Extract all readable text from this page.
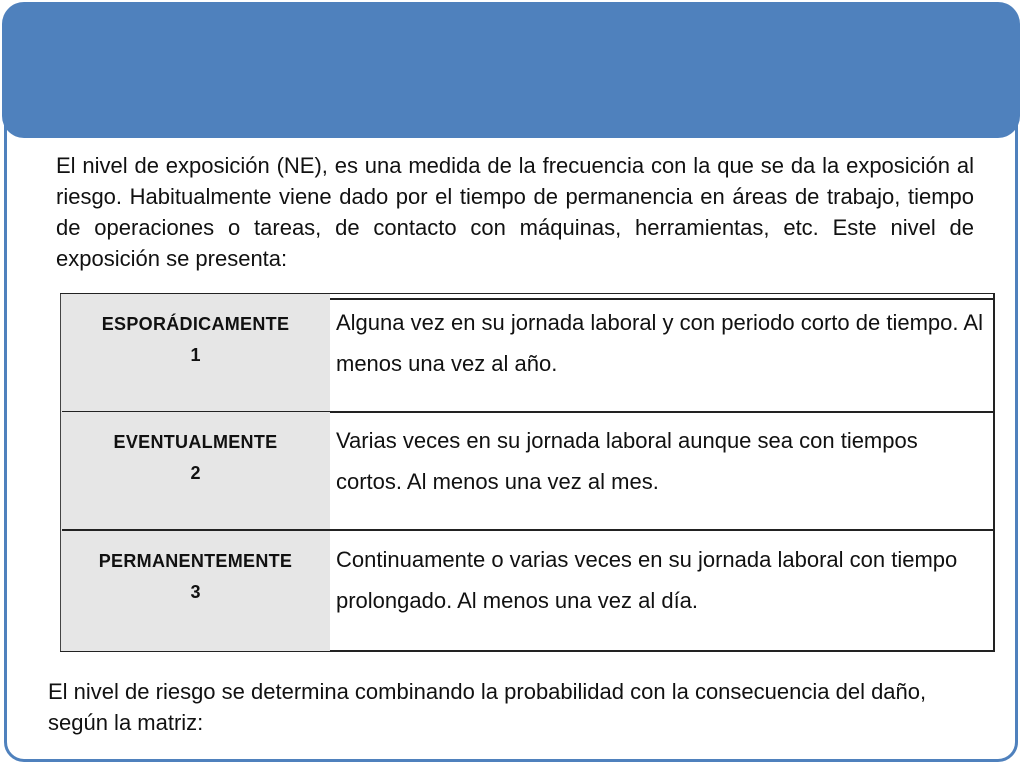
El nivel de exposición (NE), es una medida de la frecuencia con la que se da la exposición al riesgo. Habitualmente viene dado por el tiempo de permanencia en áreas de trabajo, tiempo de operaciones o tareas, de contacto con máquinas, herramientas, etc. Este nivel de exposición se presenta:

ESPORÁDICAMENTE
1

Alguna vez en su jornada laboral y con periodo corto de tiempo. Al menos una vez al año.

EVENTUALMENTE
2

Varias veces en su jornada laboral aunque sea con tiempos cortos. Al menos una vez al mes.

PERMANENTEMENTE
3

Continuamente o varias veces en su jornada laboral con tiempo prolongado. Al menos una vez al día.

El nivel de riesgo se determina combinando la probabilidad con la consecuencia del daño, según la matriz:
